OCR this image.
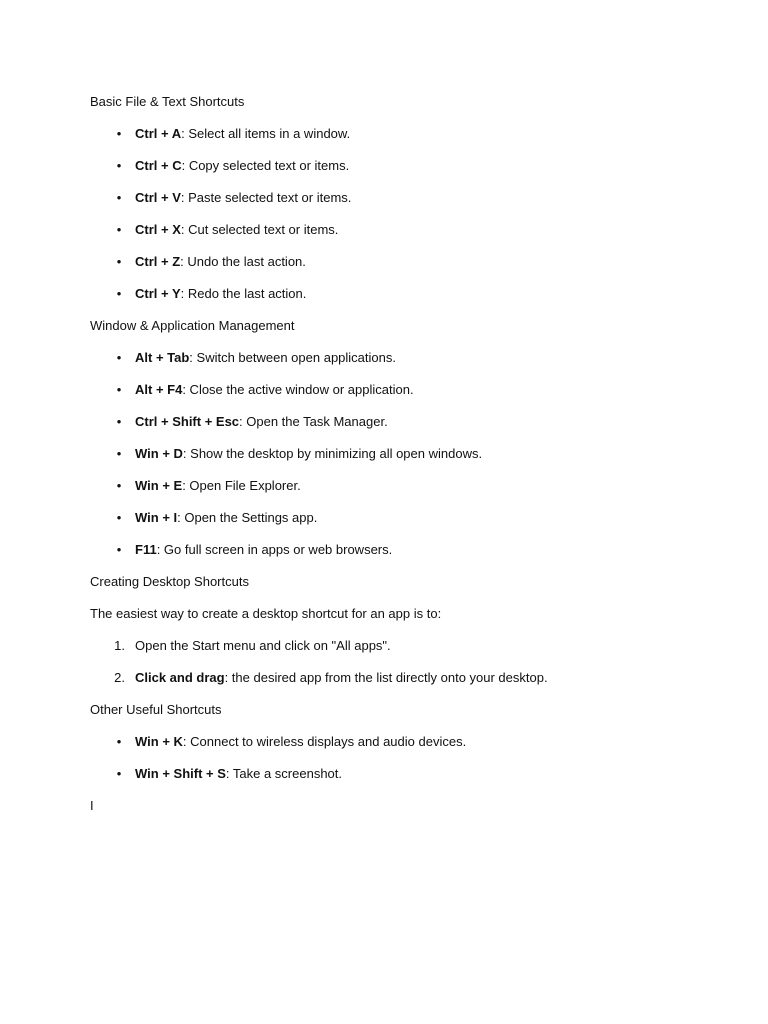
Basic File & Text Shortcuts
•	Ctrl + A: Select all items in a window.
•	Ctrl + C: Copy selected text or items.
•	Ctrl + V: Paste selected text or items.
•	Ctrl + X: Cut selected text or items.
•	Ctrl + Z: Undo the last action.
•	Ctrl + Y: Redo the last action.
Window & Application Management
•	Alt + Tab: Switch between open applications.
•	Alt + F4: Close the active window or application.
•	Ctrl + Shift + Esc: Open the Task Manager.
•	Win + D: Show the desktop by minimizing all open windows.
•	Win + E: Open File Explorer.
•	Win + I: Open the Settings app.
•	F11: Go full screen in apps or web browsers.
Creating Desktop Shortcuts
The easiest way to create a desktop shortcut for an app is to:
1. Open the Start menu and click on "All apps".
2. Click and drag: the desired app from the list directly onto your desktop.
Other Useful Shortcuts
•	Win + K: Connect to wireless displays and audio devices.
•	Win + Shift + S: Take a screenshot.
I
